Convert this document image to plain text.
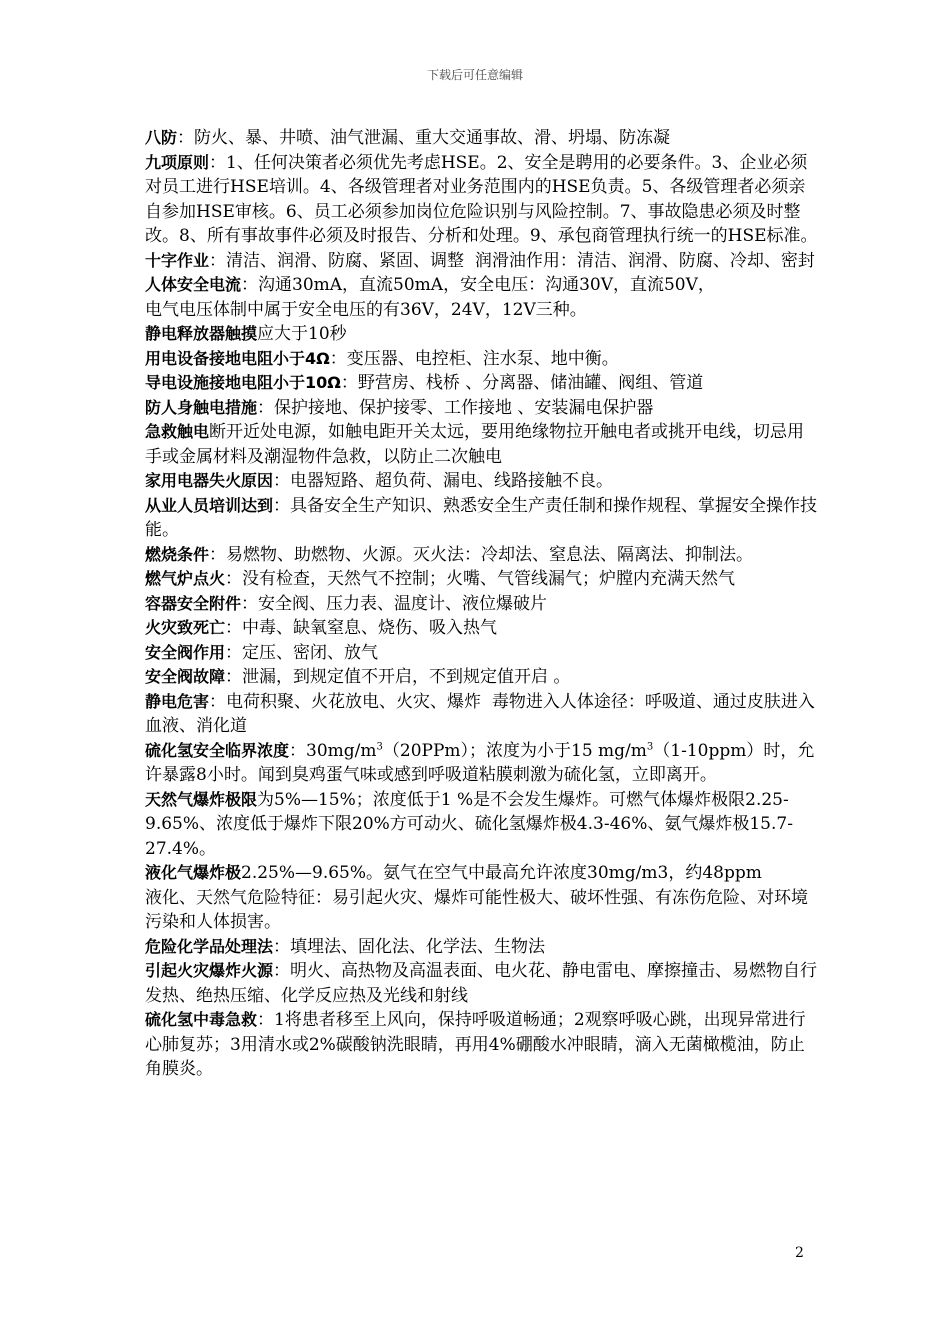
下载后可任意编辑

八防：防火、暴、井喷、油气泄漏、重大交通事故、滑、坍塌、防冻凝

九项原则：1、任何决策者必须优先考虑HSE。2、安全是聘用的必要条件。3、企业必须对员工进行HSE培训。4、各级管理者对业务范围内的HSE负责。5、各级管理者必须亲自参加HSE审核。6、员工必须参加岗位危险识别与风险控制。7、事故隐患必须及时整改。8、所有事故事件必须及时报告、分析和处理。9、承包商管理执行统一的HSE标准。

十字作业：清洁、润滑、防腐、紧固、调整  润滑油作用：清洁、润滑、防腐、冷却、密封

人体安全电流：沟通30mA，直流50mA，安全电压：沟通30V，直流50V，
电气电压体制中属于安全电压的有36V，24V，12V三种。

静电释放器触摸应大于10秒

用电设备接地电阻小于4Ω：变压器、电控柜、注水泵、地中衡。

导电设施接地电阻小于10Ω：野营房、栈桥 、分离器、储油罐、阀组、管道

防人身触电措施：保护接地、保护接零、工作接地 、安装漏电保护器

急救触电断开近处电源，如触电距开关太远，要用绝缘物拉开触电者或挑开电线，切忌用手或金属材料及潮湿物件急救，以防止二次触电

家用电器失火原因：电器短路、超负荷、漏电、线路接触不良。

从业人员培训达到：具备安全生产知识、熟悉安全生产责任制和操作规程、掌握安全操作技能。

燃烧条件：易燃物、助燃物、火源。灭火法：冷却法、窒息法、隔离法、抑制法。

燃气炉点火：没有检查，天然气不控制；火嘴、气管线漏气；炉膛内充满天然气

容器安全附件：安全阀、压力表、温度计、液位爆破片

火灾致死亡：中毒、缺氧窒息、烧伤、吸入热气

安全阀作用：定压、密闭、放气

安全阀故障：泄漏，到规定值不开启，不到规定值开启 。

静电危害：电荷积聚、火花放电、火灾、爆炸  毒物进入人体途径：呼吸道、通过皮肤进入血液、消化道

硫化氢安全临界浓度：$30mg/m^3(20PPm)$；浓度为小于15 $mg/m^3(1-10ppm)$时，允许暴露8小时。闻到臭鸡蛋气味或感到呼吸道粘膜刺激为硫化氢，立即离开。

天然气爆炸极限为5%—15%；浓度低于1 %是不会发生爆炸。可燃气体爆炸极限2.25-9.65%、浓度低于爆炸下限20%方可动火、硫化氢爆炸极4.3-46%、氨气爆炸极15.7-27.4%。

液化气爆炸极2.25%—9.65%。氨气在空气中最高允许浓度30mg/m3，约48ppm
液化、天然气危险特征：易引起火灾、爆炸可能性极大、破坏性强、有冻伤危险、对环境污染和人体损害。

危险化学品处理法：填埋法、固化法、化学法、生物法

引起火灾爆炸火源：明火、高热物及高温表面、电火花、静电雷电、摩擦撞击、易燃物自行发热、绝热压缩、化学反应热及光线和射线

硫化氢中毒急救：1将患者移至上风向，保持呼吸道畅通；2观察呼吸心跳，出现异常进行心肺复苏；3用清水或2%碳酸钠洗眼睛，再用4%硼酸水冲眼睛，滴入无菌橄榄油，防止角膜炎。

2
